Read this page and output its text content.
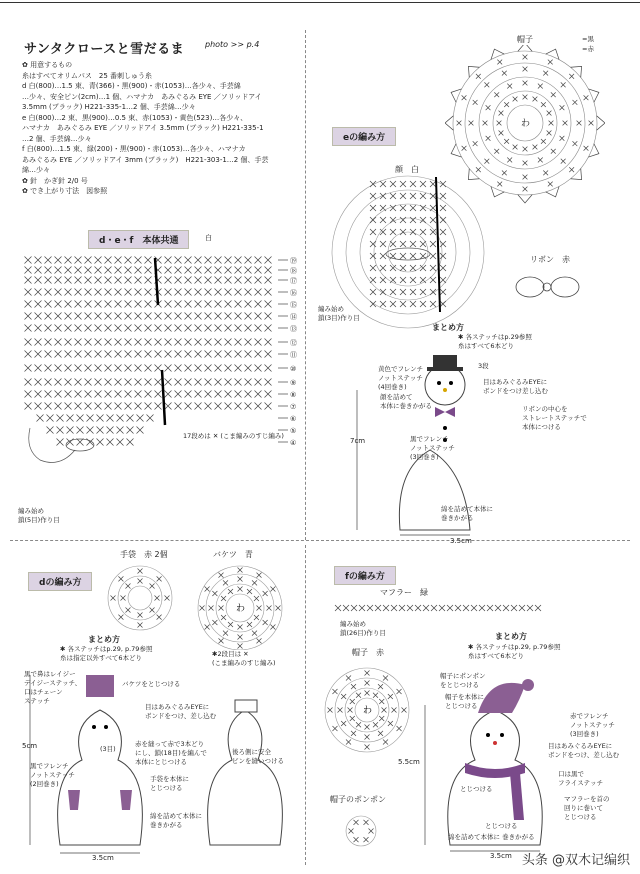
サンタクロースと雪だるま	photo >> p.4
✿ 用意するもの
糸はすべてオリムパス　25 番刺しゅう糸
d 白(800)…1.5 束、青(366)・黒(900)・赤(1053)…各少々、手芸綿
…少々、安全ピン(2cm)…1 個、ハマナカ　あみぐるみ EYE ／ソリッドアイ
3.5mm (ブラック) H221-335-1…2 個、手芸綿…少々
e 白(800)…2 束、黒(900)…0.5 束、赤(1053)・黄色(523)…各少々、
ハマナカ　あみぐるみ EYE ／ソリッドアイ 3.5mm (ブラック) H221-335-1
…2 個、手芸綿…少々
f 白(800)…1.5 束、緑(200)・黒(900)・赤(1053)…各少々、ハマナカ
あみぐるみ EYE ／ソリッドアイ 3mm (ブラック)　H221-303-1…2 個、手芸
綿…少々
✿ 針　かぎ針 2/0 号
✿ でき上がり寸法　図参照
d・e・f　本体共通	白
⑲
⑱
⑰
⑯
⑮
⑭
⑬
⑫
⑪
⑩
⑨
⑧
⑦
⑥
⑤
④
17段めは ✕ (こま編みのすじ編み)
編み始め
鎖(5目)作り目
帽子	=黒
=赤
わ
eの編み方
顔　白
編み始め
鎖(3目)作り目
リボン　赤
まとめ方
✱ 各ステッチはp.29参照
糸はすべて6本どり
黄色でフレンチ
ノットステッチ
(4回巻き)
3段
目はあみぐるみEYEに
ボンドをつけ差し込む
顔を詰めて
本体に巻きかがる	リボンの中心を
ストレートステッチで
本体につける
黒でフレンチ
ノットステッチ
(3回巻き)
綿を詰めて本体に
巻きかがる
7cm
3.5cm
dの編み方
手袋　赤 2個	バケツ　青
わ
まとめ方
✱ 各ステッチはp.29, p.79参照
糸は指定以外すべて6本どり	✱2段目は ✕
(こま編みのすじ編み)
黒で鼻はレイジー
デイジーステッチ、
口はチェーン
ステッチ
バケツをとじつける
目はあみぐるみEYEに
ボンドをつけ、差し込む
(3目)
赤を縫って赤で3本どり
にし、鎖(18目)を編んで
本体にとじつける
手袋を本体に
とじつける
黒でフレンチ
ノットステッチ
(2回巻き)
後ろ側に安全
ピンを縫いつける
綿を詰めて本体に
巻きかがる
5cm
3.5cm
fの編み方
マフラー　緑
編み始め
鎖(26目)作り目	まとめ方
✱ 各ステッチはp.29, p.79参照
糸はすべて6本どり
帽子　赤
わ
帽子のポンポン
帽子にポンポン
をとじつける
帽子を本体に
とじつける
赤でフレンチ
ノットステッチ
(3回巻き)
目はあみぐるみEYEに
ボンドをつけ、差し込む
口は黒で
フライステッチ
マフラーを首の
回りに巻いて
とじつける
とじつける
とじつける
綿を詰めて本体に 巻きかがる
5.5cm
3.5cm 头条 @双木记编织
